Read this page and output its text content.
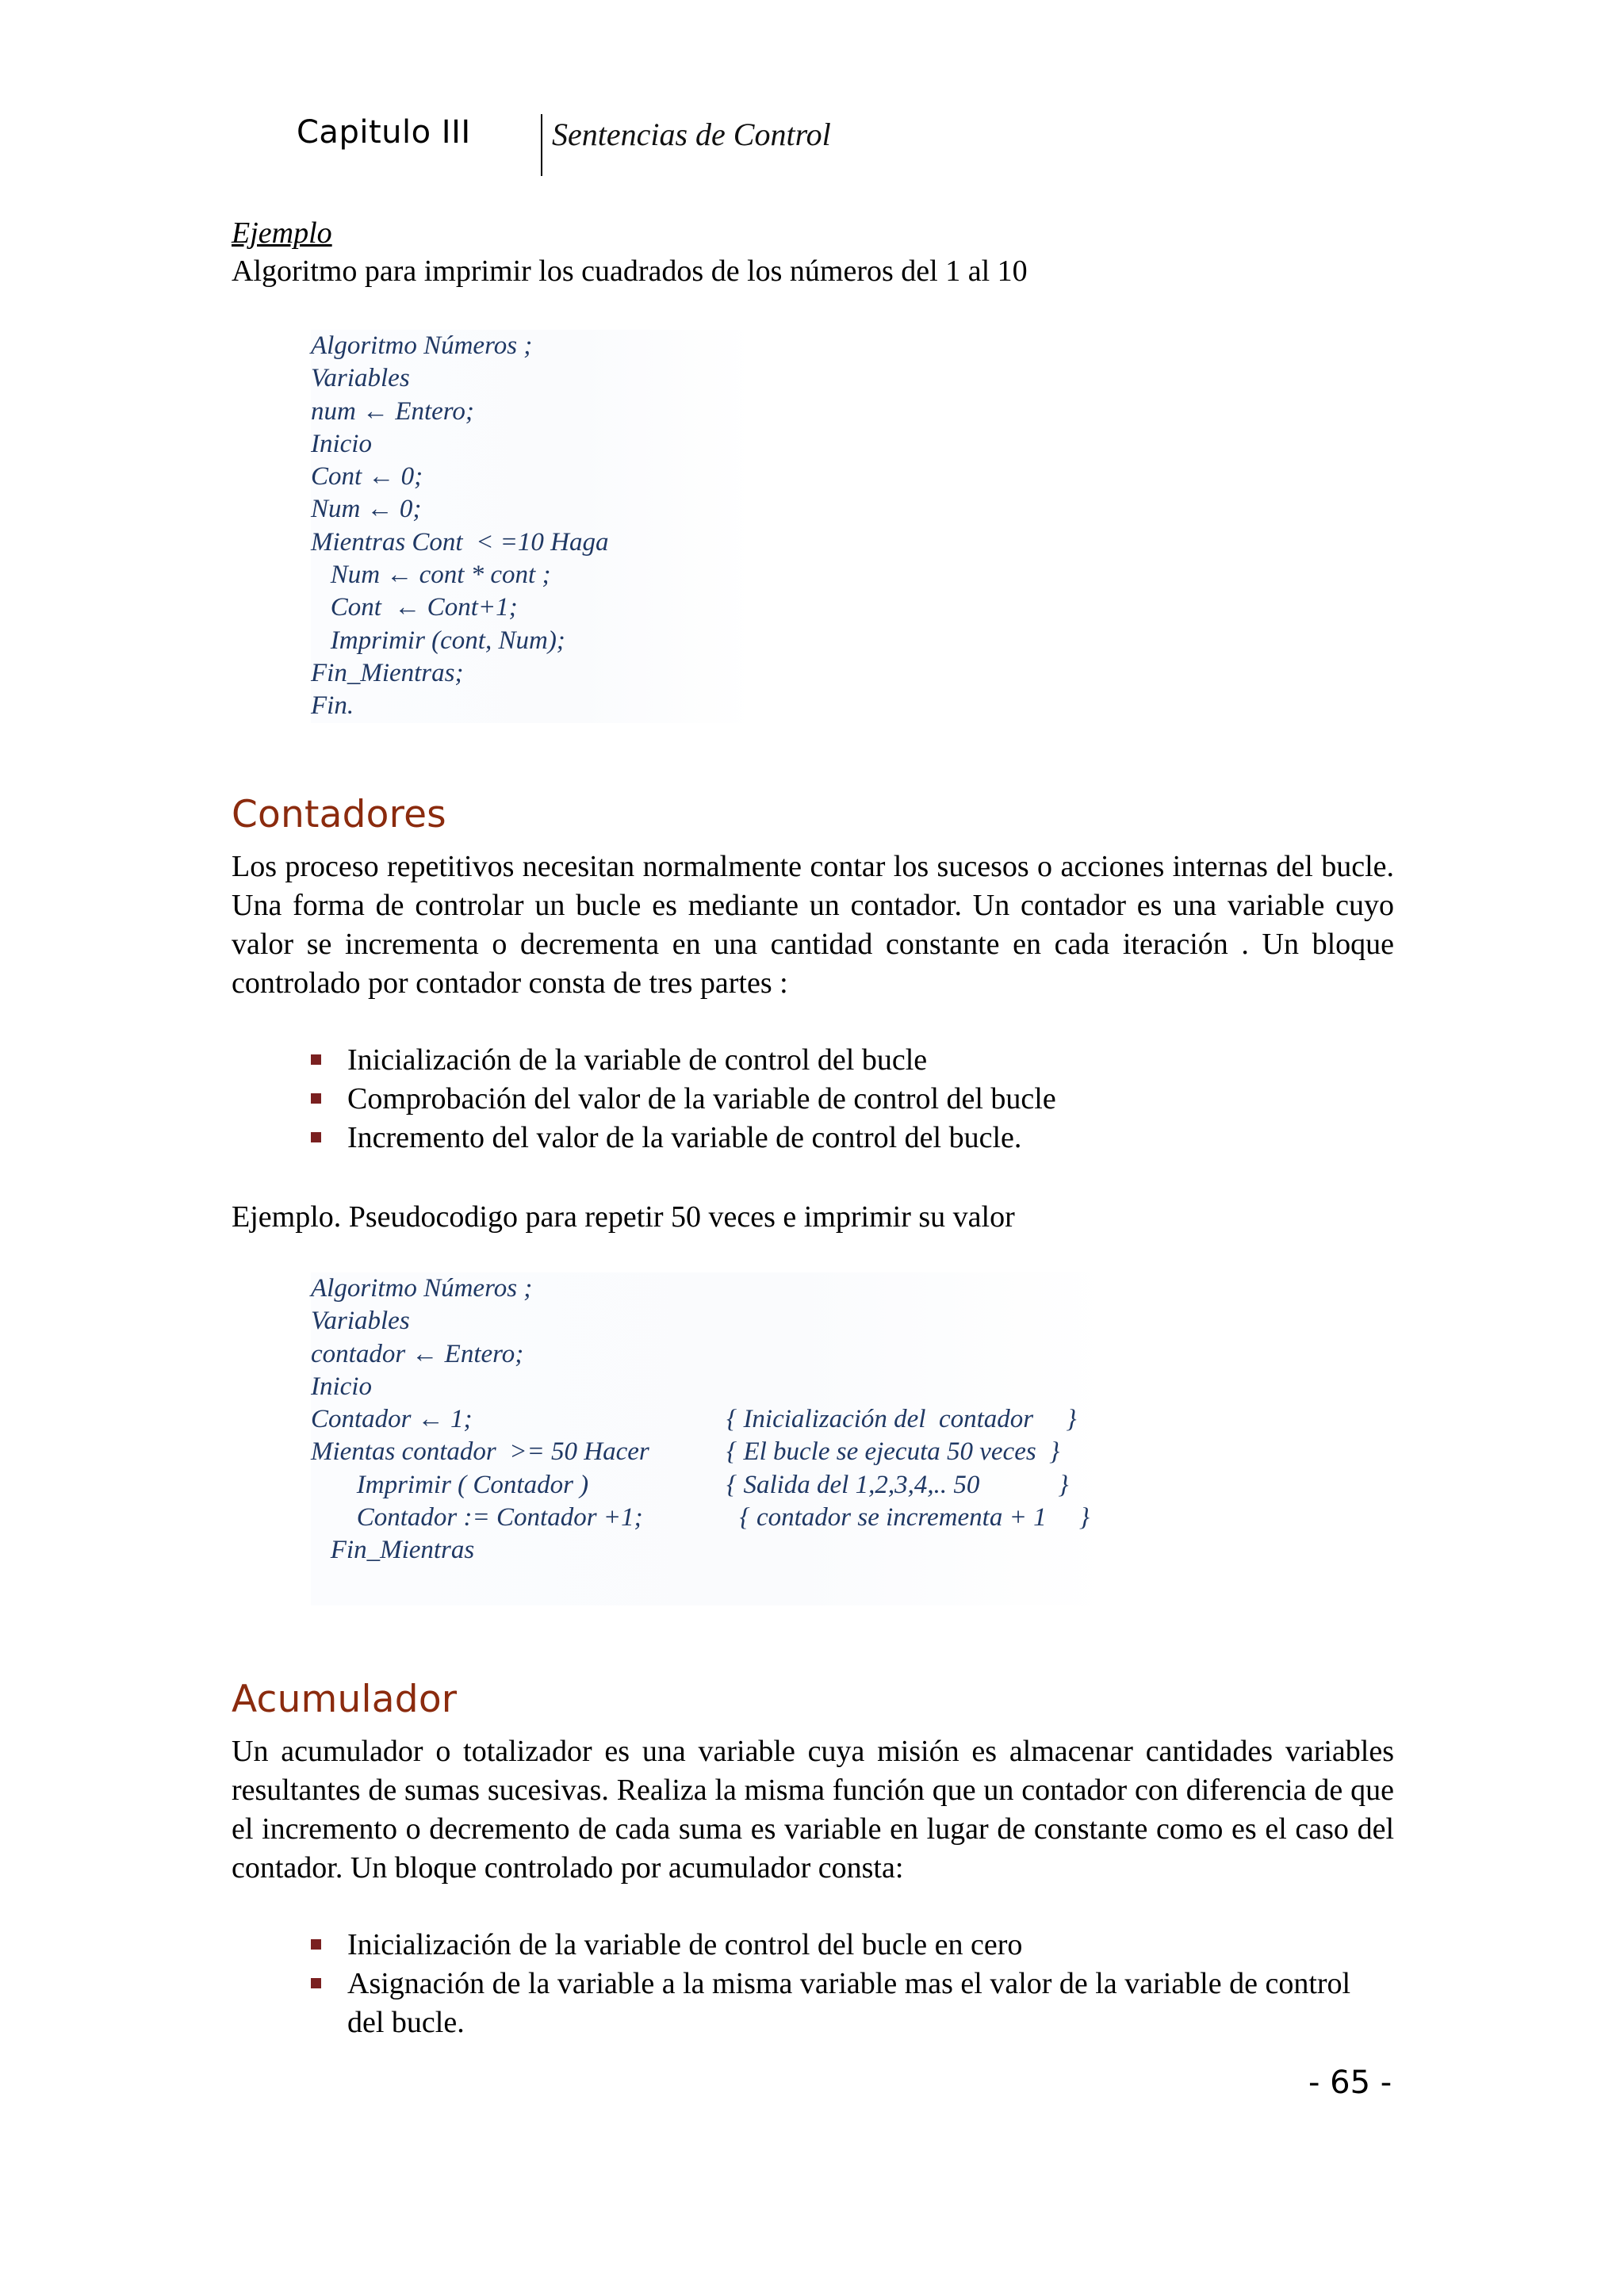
Capitulo III	Sentencias de Control
Ejemplo
Algoritmo para imprimir los cuadrados de los números del 1 al 10
Algoritmo Números ;
Variables
num ← Entero;
Inicio
Cont ← 0;
Num ← 0;
Mientras Cont  < =10 Haga
Num ← cont * cont ;
Cont  ← Cont+1;
Imprimir (cont, Num);
Fin_Mientras;
Fin.
Contadores
Los proceso repetitivos necesitan normalmente contar los sucesos o acciones internas del bucle. Una forma de controlar un bucle es mediante un contador. Un contador es una variable cuyo valor se incrementa o decrementa en una cantidad constante en cada iteración . Un bloque controlado por contador consta de tres partes :
Inicialización de la variable de control del bucle
Comprobación del valor de la variable de control del bucle
Incremento del valor de la variable de control del bucle.
Ejemplo. Pseudocodigo para repetir 50 veces e imprimir su valor
Algoritmo Números ;
Variables
contador ← Entero;
Inicio
Contador ← 1;	{ Inicialización del  contador     }
Mientas contador  >= 50 Hacer	{ El bucle se ejecuta 50 veces  }
Imprimir ( Contador )	{ Salida del 1,2,3,4,.. 50            }
Contador := Contador +1;	{ contador se incrementa + 1     }
Fin_Mientras
Acumulador
Un acumulador o totalizador es una variable cuya misión es almacenar cantidades variables resultantes de sumas sucesivas. Realiza la misma función que un contador con diferencia de que el incremento o decremento de cada suma es variable en lugar de constante como es el caso del contador. Un bloque controlado por acumulador consta:
Inicialización de la variable de control del bucle en cero
Asignación de la variable a la misma variable mas el valor de la variable de control del bucle.
- 65 -
